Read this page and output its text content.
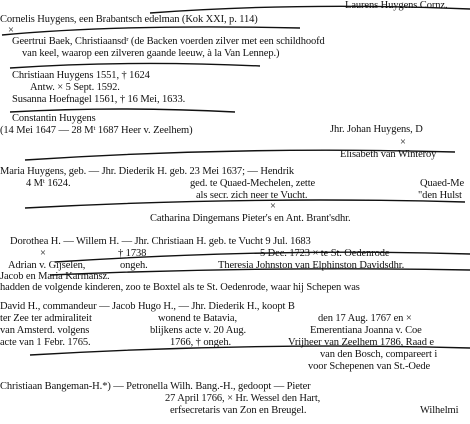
Laurens Huygens Cornz.
Cornelis Huygens, een Brabantsch edelman (Kok XXI, p. 114)
×
Geertrui Baek, Christiaansdʳ (de Backen voerden zilver met een schildhoofd
van keel, waarop een zilveren gaande leeuw, à la Van Lennep.)
Christiaan Huygens 1551, † 1624
Antw. × 5 Sept. 1592.
Susanna Hoefnagel 1561, † 16 Mei, 1633.
Constantin Huygens
(14 Mei 1647 — 28 Mᵗ 1687 Heer v. Zeelhem)	Jhr. Johan Huygens, D
×
Elisabeth van Winteroy
Maria Huygens, geb. — Jhr. Diederik H. geb. 23 Mei 1637; — Hendrik
4 Mᵗ 1624.	ged. te Quaed-Mechelen, zette	Quaed-Me
als secr. zich neer te Vucht.	"den Hulst
×
Catharina Dingemans Pieter's en Ant. Brant'sdhr.
Dorothea H. — Willem H. — Jhr. Christiaan H. geb. te Vucht 9 Jul. 1683
×	† 1738	5 Dec. 1723 × te St. Oedenrode
Adrian v. Gijselen,	ongeh.	Theresia Johnston van Elphinston Davidsdhr.
Jacob en Maria Karmansz.
hadden de volgende kinderen, zoo te Boxtel als te St. Oedenrode, waar hij Schepen was
David H., commandeur — Jacob Hugo H., — Jhr. Diederik H., koopt B
ter Zee ter admiraliteit	wonend te Batavia,	den 17 Aug. 1767 en ×
van Amsterd. volgens	blijkens acte v. 20 Aug.	Emerentiana Joanna v. Coe
acte van 1 Febr. 1765.	1766, † ongeh.	Vrijheer van Zeelhem 1786, Raad e
van den Bosch, compareert i
voor Schepenen van St.-Oede
Christiaan Bangeman-H.*) — Petronella Wilh. Bang.-H., gedoopt — Pieter
27 April 1766, × Hr. Wessel den Hart,
erfsecretaris van Zon en Breugel.	Wilhelmi
